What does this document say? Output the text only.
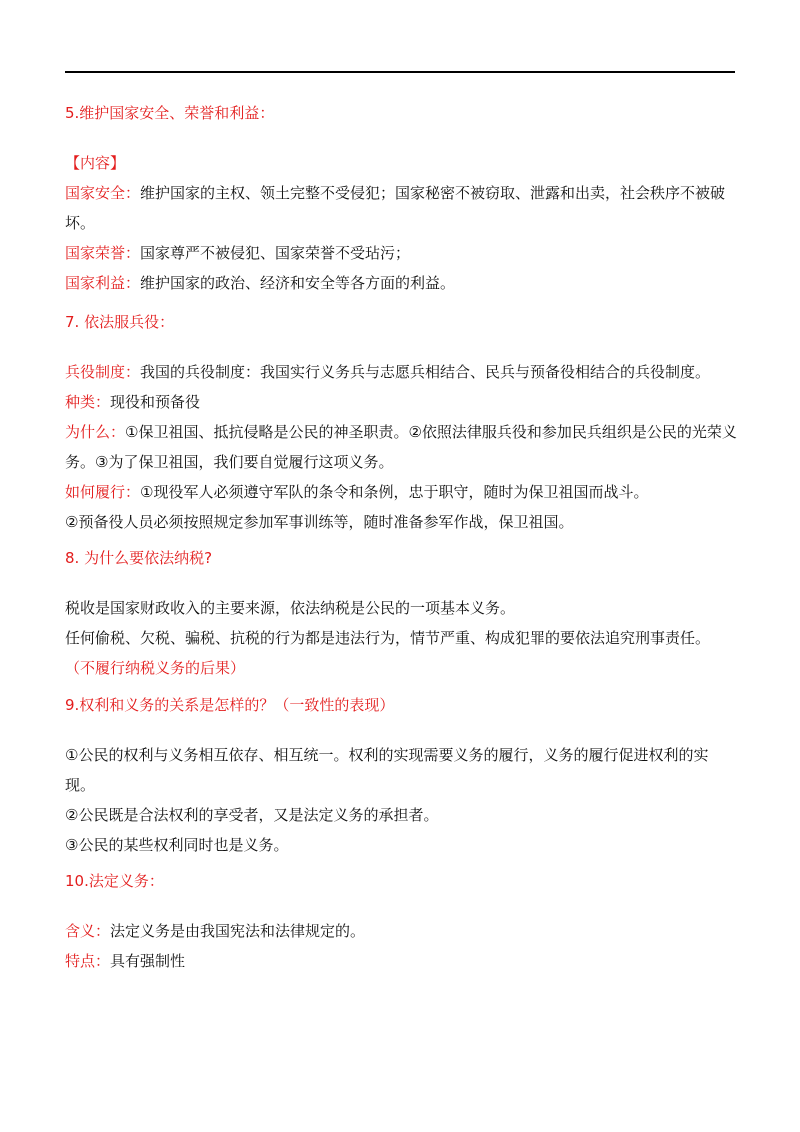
5.维护国家安全、荣誉和利益：

【内容】

国家安全：维护国家的主权、领土完整不受侵犯；国家秘密不被窃取、泄露和出卖，社会秩序不被破坏。

国家荣誉：国家尊严不被侵犯、国家荣誉不受玷污；

国家利益：维护国家的政治、经济和安全等各方面的利益。

7. 依法服兵役：

兵役制度：我国的兵役制度：我国实行义务兵与志愿兵相结合、民兵与预备役相结合的兵役制度。

种类：现役和预备役

为什么：①保卫祖国、抵抗侵略是公民的神圣职责。②依照法律服兵役和参加民兵组织是公民的光荣义务。③为了保卫祖国，我们要自觉履行这项义务。

如何履行：①现役军人必须遵守军队的条令和条例，忠于职守，随时为保卫祖国而战斗。

②预备役人员必须按照规定参加军事训练等，随时准备参军作战，保卫祖国。

8. 为什么要依法纳税?

税收是国家财政收入的主要来源，依法纳税是公民的一项基本义务。

任何偷税、欠税、骗税、抗税的行为都是违法行为，情节严重、构成犯罪的要依法追究刑事责任。 （不履行纳税义务的后果）

9.权利和义务的关系是怎样的？（一致性的表现）

①公民的权利与义务相互依存、相互统一。权利的实现需要义务的履行，义务的履行促进权利的实现。

②公民既是合法权利的享受者，又是法定义务的承担者。

③公民的某些权利同时也是义务。

10.法定义务：

含义：法定义务是由我国宪法和法律规定的。

特点：具有强制性
